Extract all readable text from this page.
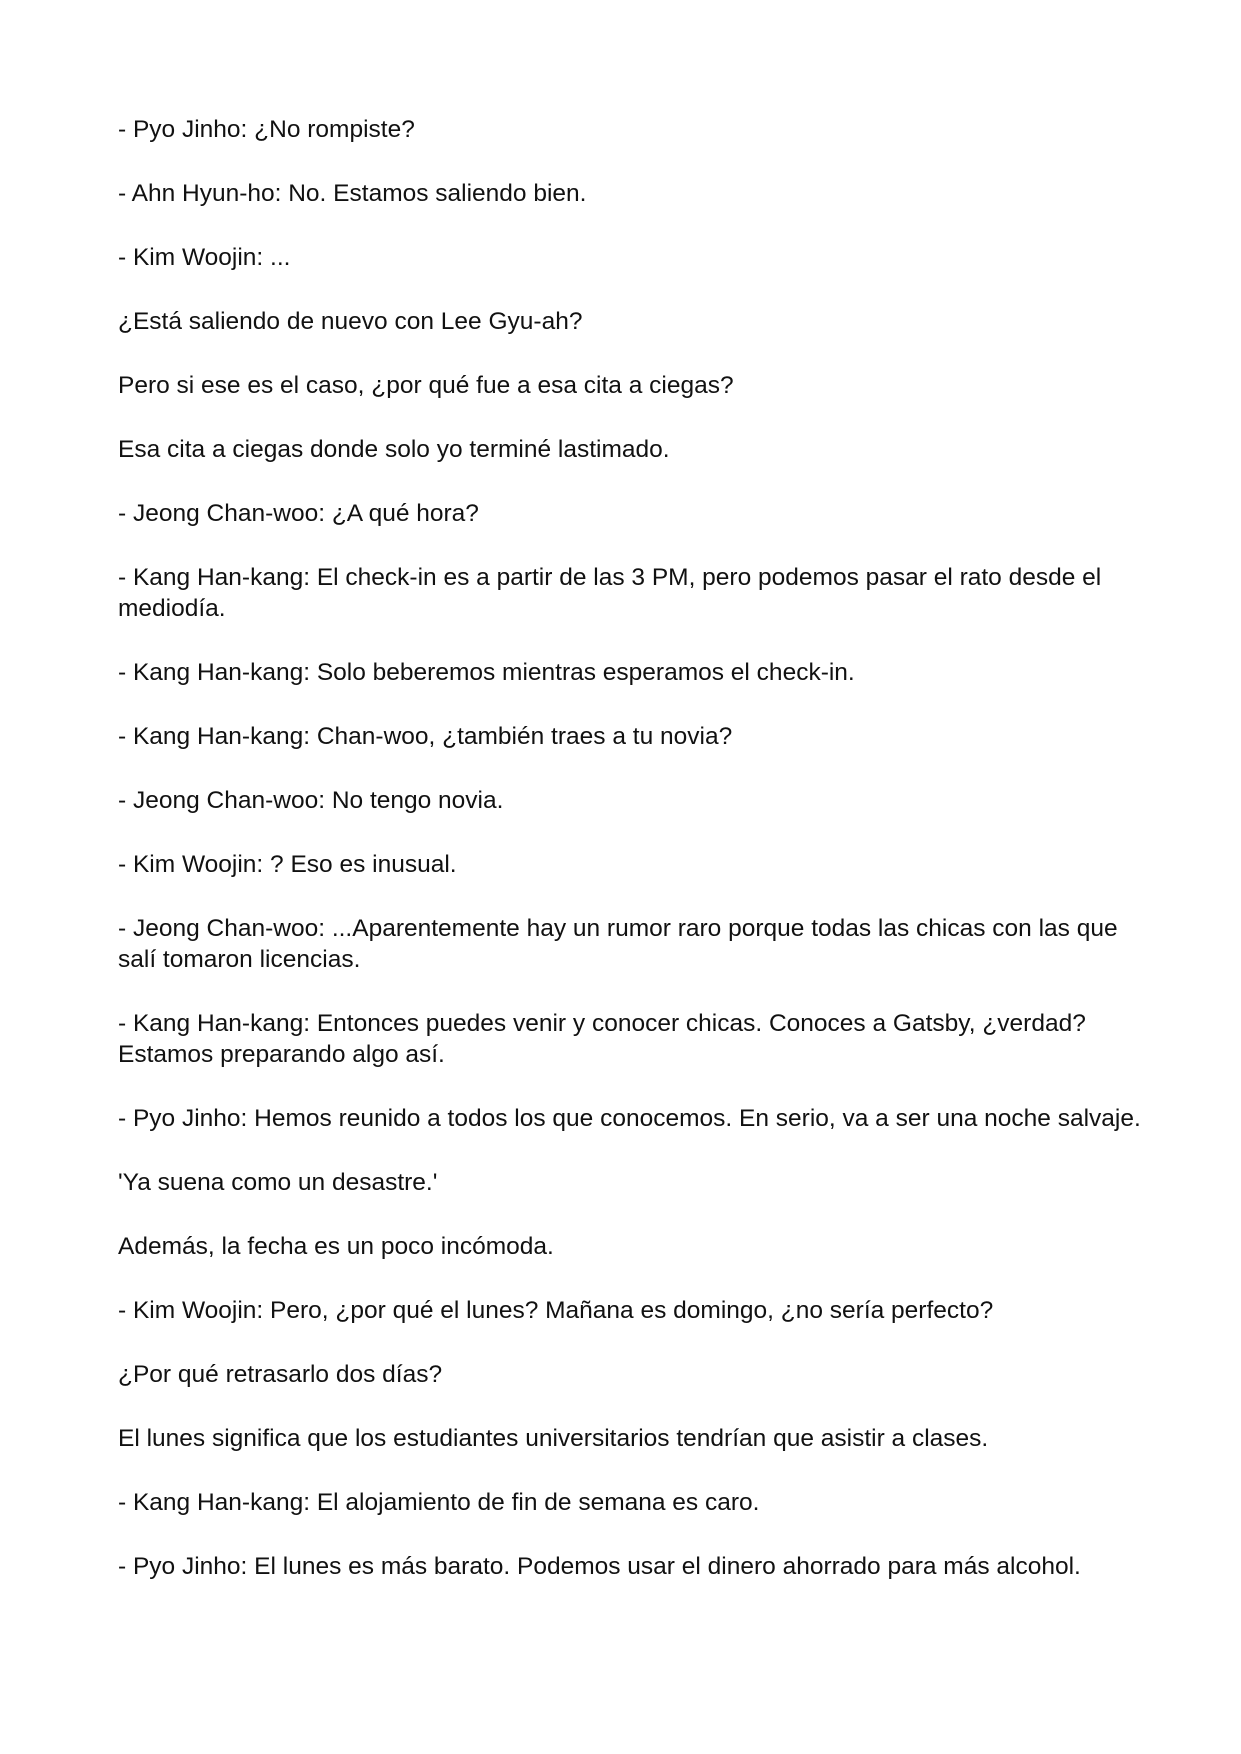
- Pyo Jinho: ¿No rompiste?

- Ahn Hyun-ho: No. Estamos saliendo bien.

- Kim Woojin: ...

¿Está saliendo de nuevo con Lee Gyu-ah?

Pero si ese es el caso, ¿por qué fue a esa cita a ciegas?

Esa cita a ciegas donde solo yo terminé lastimado.

- Jeong Chan-woo: ¿A qué hora?

- Kang Han-kang: El check-in es a partir de las 3 PM, pero podemos pasar el rato desde el mediodía.

- Kang Han-kang: Solo beberemos mientras esperamos el check-in.

- Kang Han-kang: Chan-woo, ¿también traes a tu novia?

- Jeong Chan-woo: No tengo novia.

- Kim Woojin: ? Eso es inusual.

- Jeong Chan-woo: ...Aparentemente hay un rumor raro porque todas las chicas con las que salí tomaron licencias.

- Kang Han-kang: Entonces puedes venir y conocer chicas. Conoces a Gatsby, ¿verdad? Estamos preparando algo así.

- Pyo Jinho: Hemos reunido a todos los que conocemos. En serio, va a ser una noche salvaje.

'Ya suena como un desastre.'

Además, la fecha es un poco incómoda.

- Kim Woojin: Pero, ¿por qué el lunes? Mañana es domingo, ¿no sería perfecto?

¿Por qué retrasarlo dos días?

El lunes significa que los estudiantes universitarios tendrían que asistir a clases.

- Kang Han-kang: El alojamiento de fin de semana es caro.

- Pyo Jinho: El lunes es más barato. Podemos usar el dinero ahorrado para más alcohol.
